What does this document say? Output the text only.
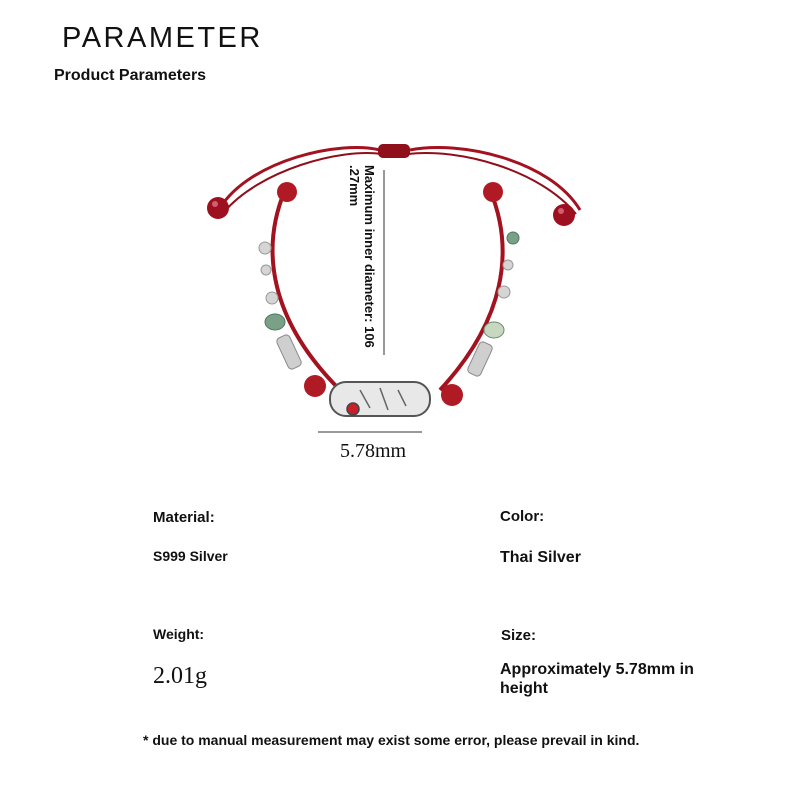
PARAMETER
Product Parameters
Maximum inner diameter: 106 .27mm
5.78mm
Material:
S999 Silver
Color:
Thai Silver
Weight:
2.01g
Size:
Approximately 5.78mm in height
* due to manual measurement may exist some error, please prevail in kind.
